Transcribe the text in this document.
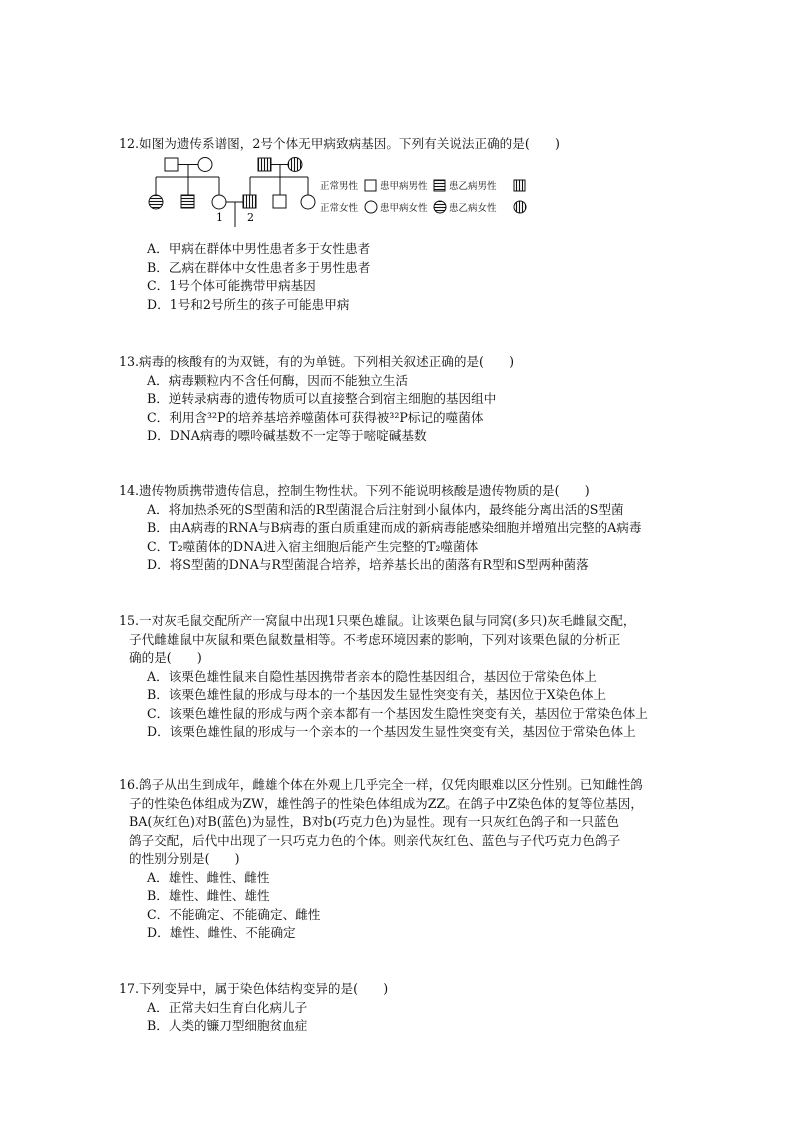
12.如图为遗传系谱图，2号个体无甲病致病基因。下列有关说法正确的是(　　)
1 2
正常男性 患甲病男性 患乙病男性
正常女性 患甲病女性 患乙病女性
A．甲病在群体中男性患者多于女性患者
B．乙病在群体中女性患者多于男性患者
C．1号个体可能携带甲病基因
D．1号和2号所生的孩子可能患甲病
13.病毒的核酸有的为双链，有的为单链。下列相关叙述正确的是(　　)
A．病毒颗粒内不含任何酶，因而不能独立生活
B．逆转录病毒的遗传物质可以直接整合到宿主细胞的基因组中
C．利用含³²P的培养基培养噬菌体可获得被³²P标记的噬菌体
D．DNA病毒的嘌呤碱基数不一定等于嘧啶碱基数
14.遗传物质携带遗传信息，控制生物性状。下列不能说明核酸是遗传物质的是(　　)
A．将加热杀死的S型菌和活的R型菌混合后注射到小鼠体内，最终能分离出活的S型菌
B．由A病毒的RNA与B病毒的蛋白质重建而成的新病毒能感染细胞并增殖出完整的A病毒
C．T₂噬菌体的DNA进入宿主细胞后能产生完整的T₂噬菌体
D．将S型菌的DNA与R型菌混合培养，培养基长出的菌落有R型和S型两种菌落
15.一对灰毛鼠交配所产一窝鼠中出现1只栗色雄鼠。让该栗色鼠与同窝(多只)灰毛雌鼠交配，
子代雌雄鼠中灰鼠和栗色鼠数量相等。不考虑环境因素的影响，下列对该栗色鼠的分析正
确的是(　　)
A．该栗色雄性鼠来自隐性基因携带者亲本的隐性基因组合，基因位于常染色体上
B．该栗色雄性鼠的形成与母本的一个基因发生显性突变有关，基因位于X染色体上
C．该栗色雄性鼠的形成与两个亲本都有一个基因发生隐性突变有关，基因位于常染色体上
D．该栗色雄性鼠的形成与一个亲本的一个基因发生显性突变有关，基因位于常染色体上
16.鸽子从出生到成年，雌雄个体在外观上几乎完全一样，仅凭肉眼难以区分性别。已知雌性鸽
子的性染色体组成为ZW，雄性鸽子的性染色体组成为ZZ。在鸽子中Z染色体的复等位基因，
BA(灰红色)对B(蓝色)为显性，B对b(巧克力色)为显性。现有一只灰红色鸽子和一只蓝色
鸽子交配，后代中出现了一只巧克力色的个体。则亲代灰红色、蓝色与子代巧克力色鸽子
的性别分别是(　　)
A．雄性、雌性、雌性
B．雄性、雌性、雄性
C．不能确定、不能确定、雌性
D．雄性、雌性、不能确定
17.下列变异中，属于染色体结构变异的是(　　)
A．正常夫妇生育白化病儿子
B．人类的镰刀型细胞贫血症
